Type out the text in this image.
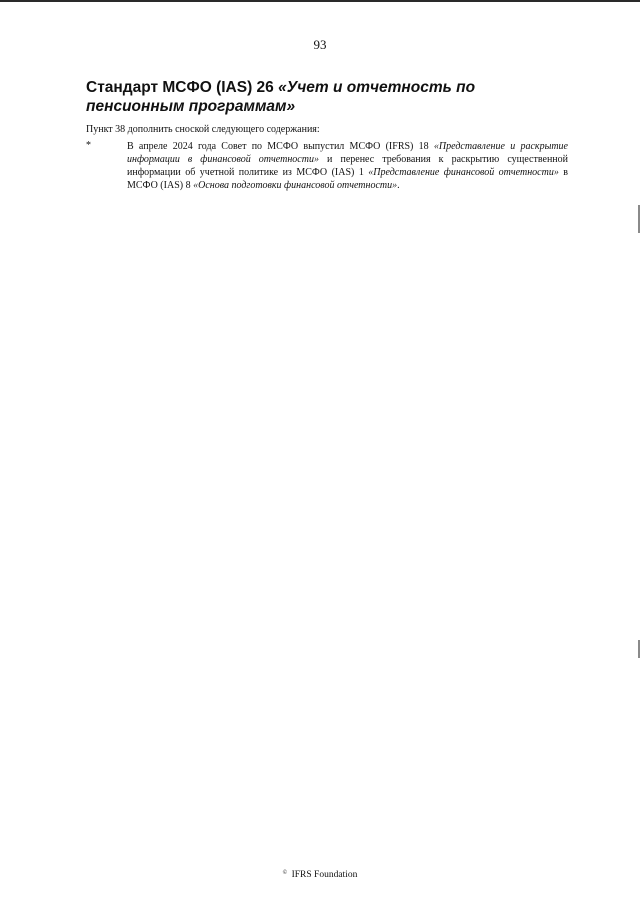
93
Стандарт МСФО (IAS) 26 «Учет и отчетность по пенсионным программам»

Пункт 38 дополнить сноской следующего содержания:

*	В апреле 2024 года Совет по МСФО выпустил МСФО (IFRS) 18 «Представление и раскрытие
информации в финансовой отчетности» и перенес требования к раскрытию существенной
информации об учетной политике из МСФО (IAS) 1 «Представление финансовой отчетности» в
МСФО (IAS) 8 «Основа подготовки финансовой отчетности».

© IFRS Foundation
